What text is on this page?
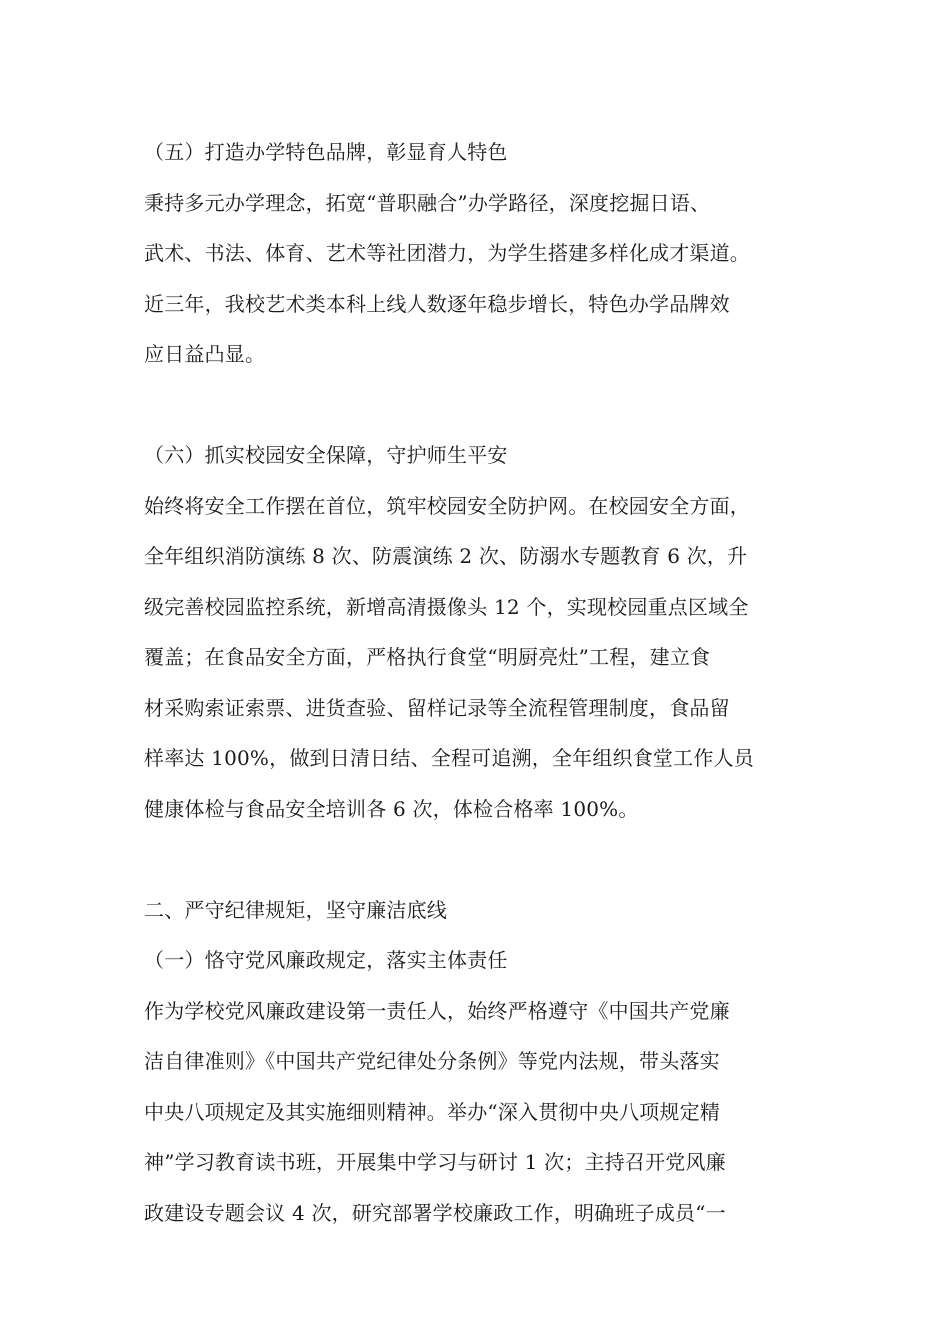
（五）打造办学特色品牌，彰显育人特色
秉持多元办学理念，拓宽“普职融合”办学路径，深度挖掘日语、
武术、书法、体育、艺术等社团潜力，为学生搭建多样化成才渠道。
近三年，我校艺术类本科上线人数逐年稳步增长，特色办学品牌效
应日益凸显。
（六）抓实校园安全保障，守护师生平安
始终将安全工作摆在首位，筑牢校园安全防护网。在校园安全方面，
全年组织消防演练 8 次、防震演练 2 次、防溺水专题教育 6 次，升
级完善校园监控系统，新增高清摄像头 12 个，实现校园重点区域全
覆盖；在食品安全方面，严格执行食堂“明厨亮灶”工程，建立食
材采购索证索票、进货查验、留样记录等全流程管理制度，食品留
样率达 100%，做到日清日结、全程可追溯，全年组织食堂工作人员
健康体检与食品安全培训各 6 次，体检合格率 100%。
二、严守纪律规矩，坚守廉洁底线
（一）恪守党风廉政规定，落实主体责任
作为学校党风廉政建设第一责任人，始终严格遵守《中国共产党廉
洁自律准则》《中国共产党纪律处分条例》等党内法规，带头落实
中央八项规定及其实施细则精神。举办“深入贯彻中央八项规定精
神”学习教育读书班，开展集中学习与研讨 1 次；主持召开党风廉
政建设专题会议 4 次，研究部署学校廉政工作，明确班子成员“一
